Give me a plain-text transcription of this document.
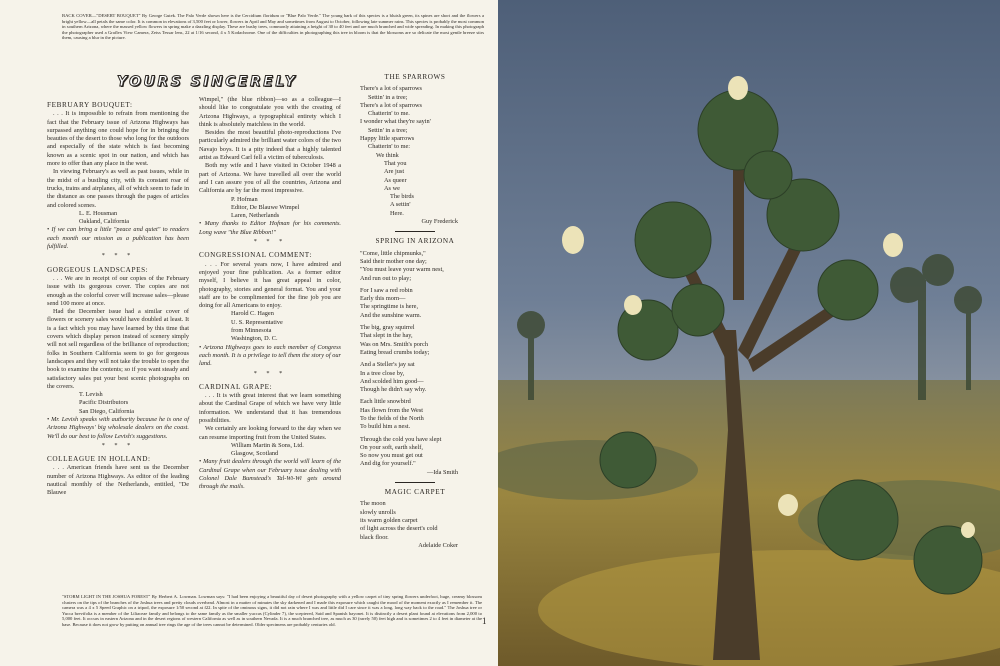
BACK COVER—"DESERT BOUQUET" By George Gutek. The Palo Verde shown here is the Cercidium floridum or "Blue Palo Verde." The young bark of this species is a bluish green, its spines are short and the flowers a bright yellow—all petals the same color. It is common in elevations of 3,500 feet or lower, flowers in April and May and sometimes from August to October, following late summer rains. This species is probably the most common in southern Arizona, where the massed yellow flowers in spring make a dazzling display. These are bushy trees, commonly attaining a height of 30 to 40 feet and are much branched and wide spreading. In making this photograph the photographer used a Graflex View Camera, Zeiss Tessar lens, 22 at 1/16 second, 4 x 5 Kodachrome. One of the difficulties in photographing this tree in bloom is that the blossoms are so delicate the most gentle breeze stirs them, causing a blur in the picture.
YOURS SINCERELY
FEBRUARY BOUQUET:
. . . It is impossible to refrain from mentioning the fact that the February issue of Arizona Highways has surpassed anything one could hope for in bringing the beauties of the desert to those who long for the outdoors and especially of the state which is fast becoming known as a scenic spot in our nation, and which has more to offer than any place in the west.
In viewing February's as well as past issues, while in the midst of a bustling city, with its constant roar of trucks, trains and airplanes, all of which seem to fade in the distance as one passes through the pages of articles and colored scenes.
L. E. Housman
Oakland, California
• If we can bring a little "peace and quiet" to readers each month our mission as a publication has been fulfilled.
* * *
GORGEOUS LANDSCAPES:
. . . We are in receipt of our copies of the February issue with its gorgeous cover. The copies are not enough as the colorful cover will increase sales—please send 100 more at once.
Had the December issue had a similar cover of flowers or scenery sales would have doubled at least. It is a fact which you may have learned by this time that covers which display person instead of scenery simply will not sell regardless of the brilliance of reproduction; folks in Southern California seem to go for gorgeous landscapes and they will not take the trouble to open the book to examine the contents; so if you want steady and satisfactory sales put your best scenic photographs on the covers.
T. Levish
Pacific Distributors
San Diego, California
• Mr. Levish speaks with authority because he is one of Arizona Highways' big wholesale dealers on the coast. We'll do our best to follow Levish's suggestions.
* * *
COLLEAGUE IN HOLLAND:
. . . American friends have sent us the December number of Arizona Highways. As editor of the leading nautical monthly of the Netherlands, entitled, "De Blauwe
Wimpel," (the blue ribbon)—so as a colleague—I should like to congratulate you with the creating of Arizona Highways, a typographical entirety which I think is absolutely matchless in the world.
Besides the most beautiful photo-reproductions I've particularly admired the brilliant water colors of the two Navajo boys. It is a pity indeed that a highly talented artist as Edward Carl fell a victim of tuberculosis.
Both my wife and I have visited in October 1948 a part of Arizona. We have travelled all over the world and I can assure you of all the countries, Arizona and California are by far the most impressive.
P. Hofman
Editor, De Blauwe Wimpel
Laren, Netherlands
• Many thanks to Editor Hofman for his comments. Long wave "the Blue Ribbon!"
* * *
CONGRESSIONAL COMMENT:
. . . For several years now, I have admired and enjoyed your fine publication. As a former editor myself, I believe it has great appeal in color, photography, stories and general format. You and your staff are to be complimented for the fine job you are doing for all Americans to enjoy.
Harold C. Hagen
U. S. Representative
from Minnesota
Washington, D. C.
• Arizona Highways goes to each member of Congress each month. It is a privilege to tell them the story of our land.
* * *
CARDINAL GRAPE:
. . . It is with great interest that we learn something about the Cardinal Grape of which we have very little information. We understand that it has tremendous possibilities.
We certainly are looking forward to the day when we can resume importing fruit from the United States.
William Martin & Sons, Ltd.
Glasgow, Scotland
• Many fruit dealers through the world will learn of the Cardinal Grape when our February issue dealing with Colonel Dale Bumstead's Tal-Wi-Wi gets around through the mails.
THE SPARROWS
There's a lot of sparrows
Settin' in a tree;
There's a lot of sparrows
Chatterin' to me.
I wonder what they're sayin'
Settin' in a tree;
Happy little sparrows
Chatterin' to me:
We think
That you
Are just
As queer
As we
The birds
A settin'
Here.
Guy Frederick
SPRING IN ARIZONA
"Come, little chipmunks,"
Said their mother one day;
"You must leave your warm nest,
And run out to play;

For I saw a red robin
Early this morn—
The springtime is here,
And the sunshine warm.

The big, gray squirrel
That slept in the hay,
Was on Mrs. Smith's porch
Eating bread crumbs today;

And a Steller's jay sat
In a tree close by,
And scolded him good—
Though he didn't say why.

Each little snowbird
Has flown from the West
To the fields of the North
To build him a nest.

Through the cold you have slept
On your soft, earth shelf,
So now you must get out
And dig for yourself."
—Ida Smith
MAGIC CARPET
The moon
slowly unrolls
its warm golden carpet
of light across the desert's cold
black floor.
Adelaide Coker
"STORM LIGHT IN THE JOSHUA FOREST" By Herbert A. Lowman. Lowman says: "I had been enjoying a beautiful day of desert photography with a yellow carpet of tiny spring flowers underfoot, huge, creamy blossom clusters on the tips of the branches of the Joshua trees and pretty clouds overhead. Almost in a matter of minutes the sky darkened and I made this exposure which caught the mood of the moment exactly as I remember it. The camera was a 4 x 5 Speed Graphic on a tripod, the exposure 1/50 second at f22. In spite of the ominous signs, it did not rain where I was and little did I care since it was a long, long way back to the road." The Joshua tree or Yucca brevifolia is a member of the Liliaceae family and belongs to the same family as the smaller yuccas (Cylinder 7), the sceptered, Said and Spanish bayonet. It is distinctly a desert plant found at elevations from 2,000 to 5,000 feet. It occurs in eastern Arizona and in the desert regions of western California as well as in southern Nevada. It is a much branched tree, as much as 30 (rarely 50) feet high and is sometimes 2 to 4 feet in diameter at the base. Because it does not grow by putting on annual tree rings the age of the trees cannot be determined. Older specimens are probably centuries old.	1
